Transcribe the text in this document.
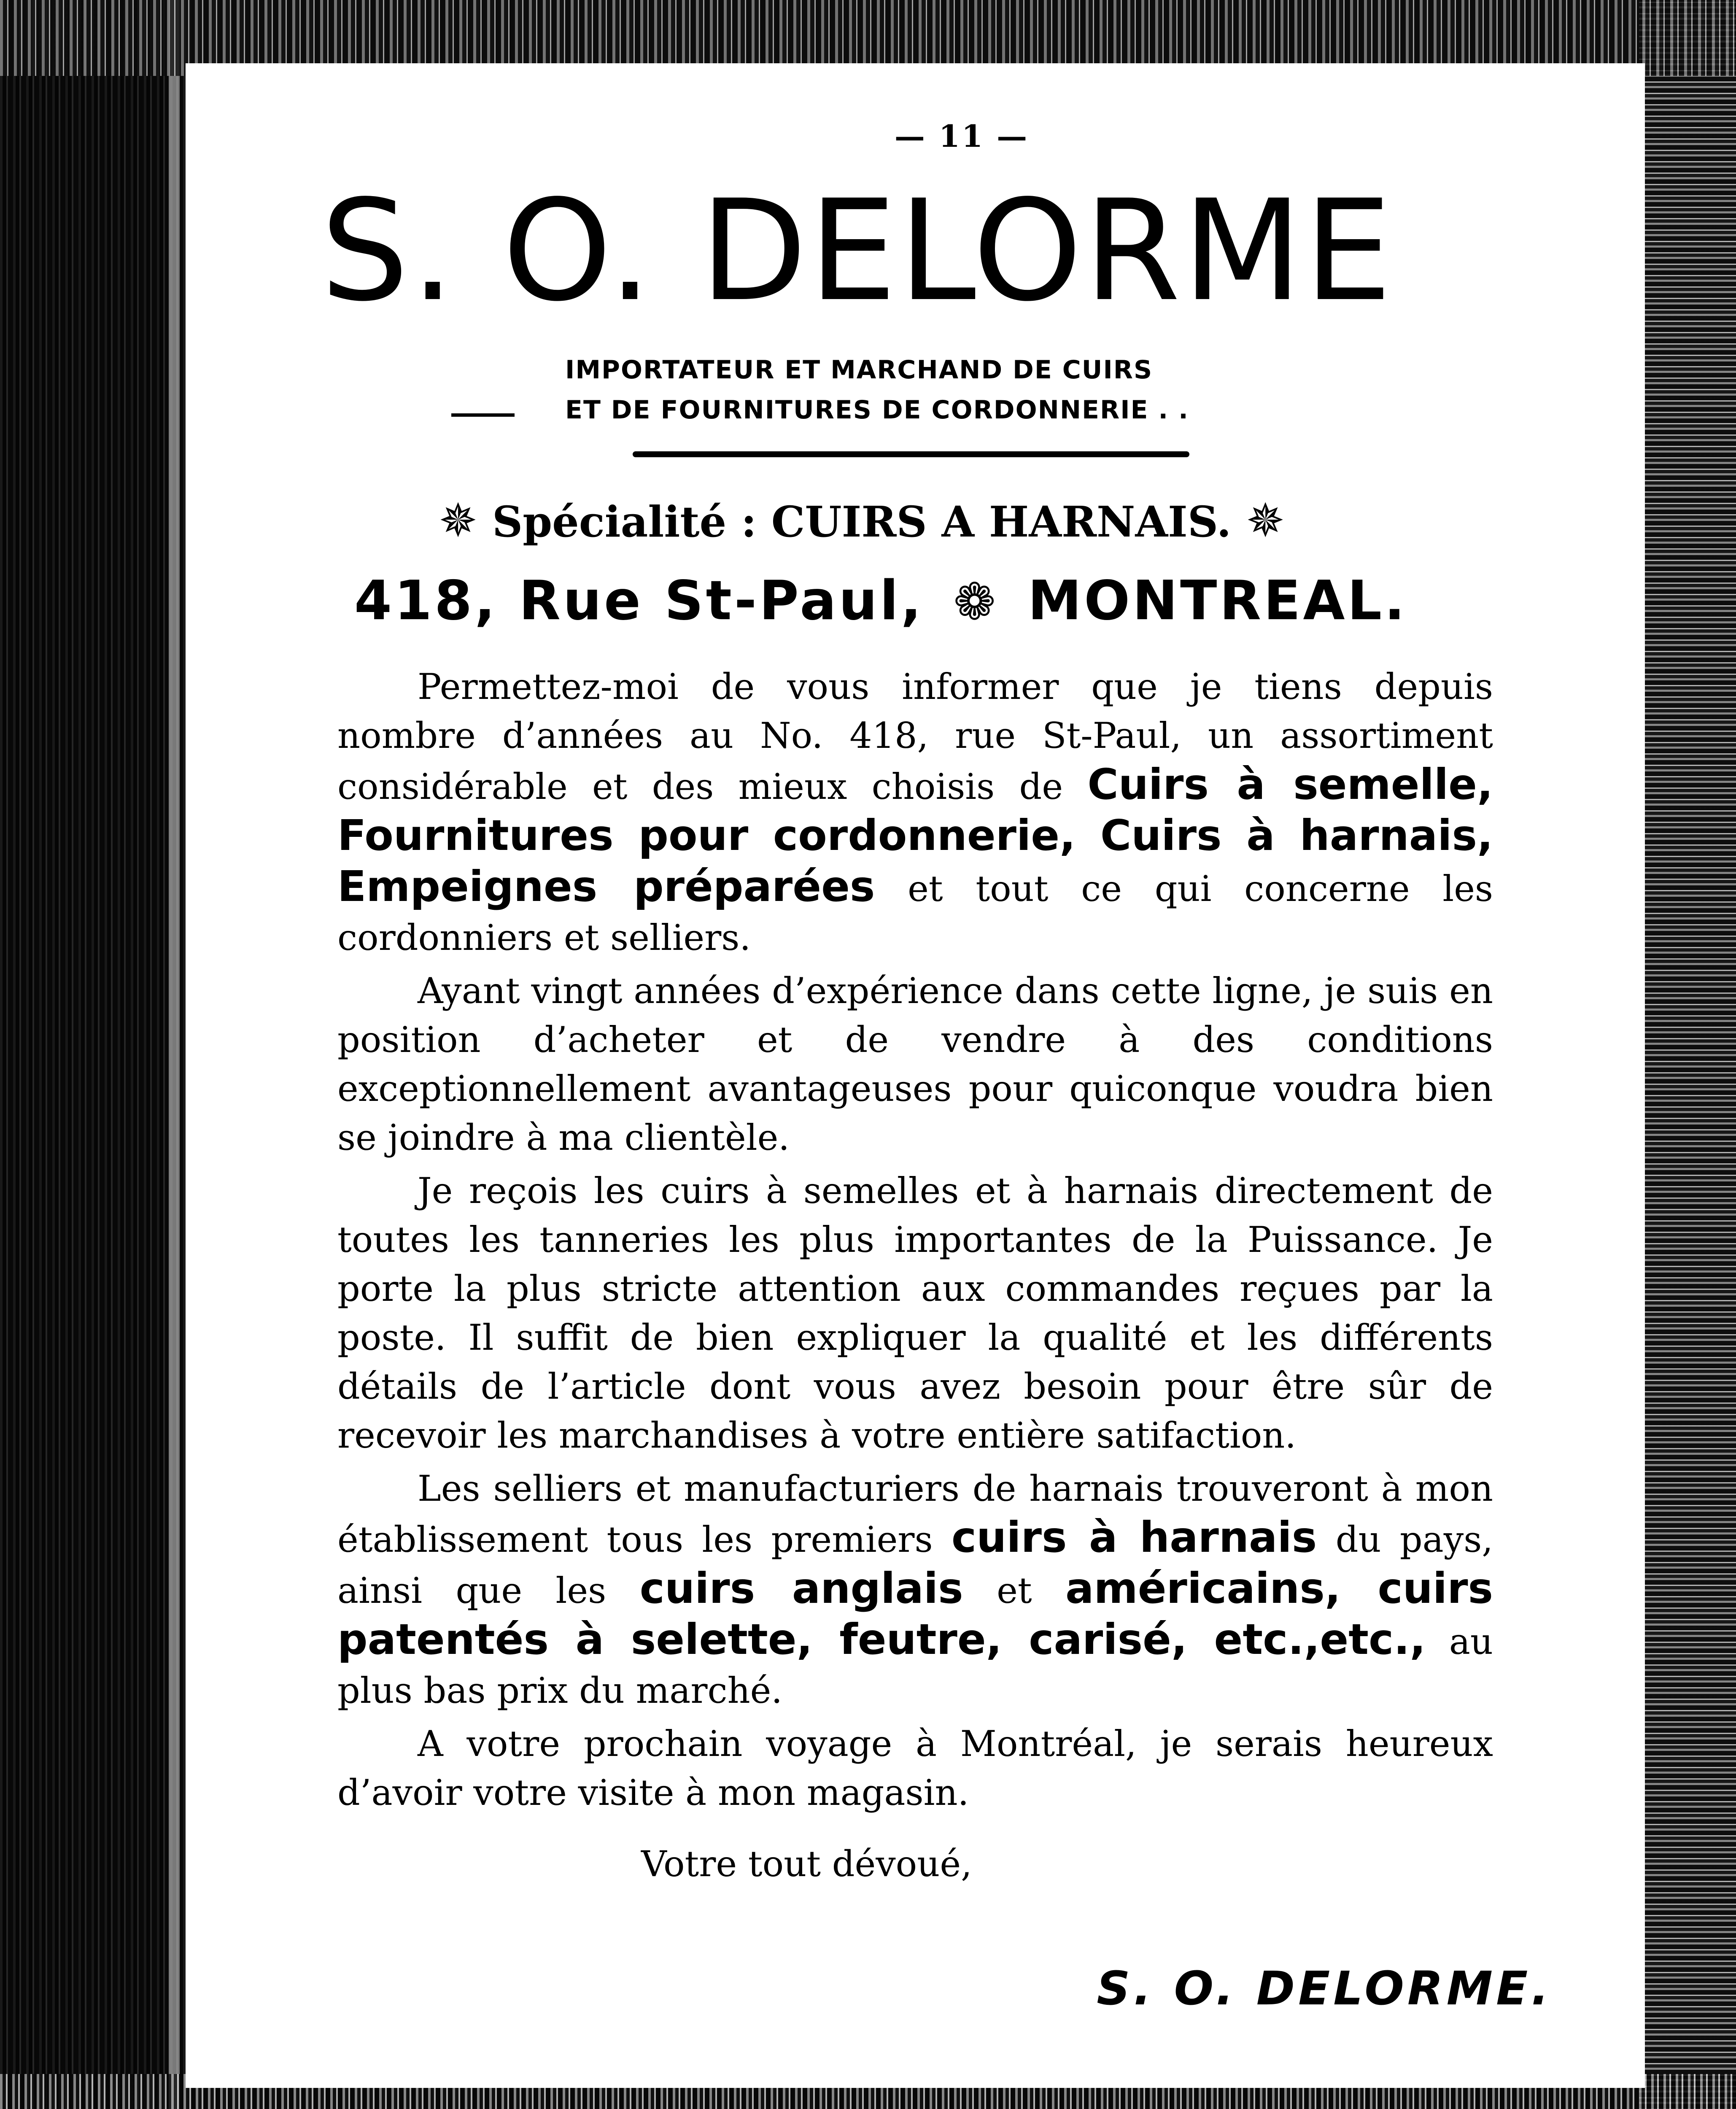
— 11 —
S. O. DELORME
IMPORTATEUR ET MARCHAND DE CUIRS
ET DE FOURNITURES DE CORDONNERIE . .
✵ Spécialité : CUIRS A HARNAIS. ✵
418, Rue St-Paul, ❁ MONTREAL.

Permettez-moi de vous informer que je tiens depuis nombre d’années au No. 418, rue St-Paul, un assortiment considérable et des mieux choisis de Cuirs à semelle, Fournitures pour cordonnerie, Cuirs à harnais, Empeignes préparées et tout ce qui concerne les cordonniers et selliers.

Ayant vingt années d’expérience dans cette ligne, je suis en position d’acheter et de vendre à des conditions exceptionnellement avantageuses pour quiconque voudra bien se joindre à ma clientèle.

Je reçois les cuirs à semelles et à harnais directement de toutes les tanneries les plus importantes de la Puissance. Je porte la plus stricte attention aux commandes reçues par la poste. Il suffit de bien expliquer la qualité et les différents détails de l’article dont vous avez besoin pour être sûr de recevoir les marchandises à votre entière satifaction.

Les selliers et manufacturiers de harnais trouveront à mon établissement tous les premiers cuirs à harnais du pays, ainsi que les cuirs anglais et américains, cuirs patentés à selette, feutre, carisé, etc.,etc., au plus bas prix du marché.

A votre prochain voyage à Montréal, je serais heureux d’avoir votre visite à mon magasin.

Votre tout dévoué,
S. O. DELORME.
